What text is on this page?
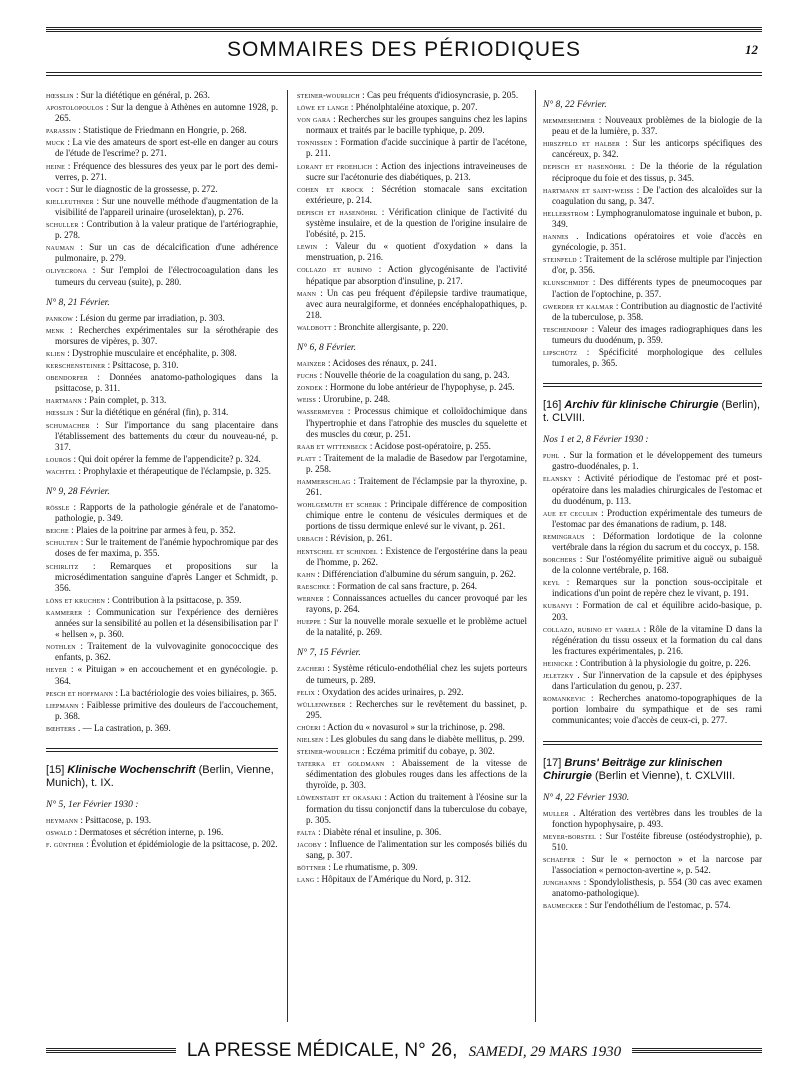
SOMMAIRES DES PÉRIODIQUES	12
hœsslin : Sur la diététique en général, p. 263.
apostolopoulos : Sur la dengue à Athènes en automne 1928, p. 265.
parassin : Statistique de Friedmann en Hongrie, p. 268.
muck : La vie des amateurs de sport est-elle en danger au cours de l'étude de l'escrime? p. 271.
heine : Fréquence des blessures des yeux par le port des demi-verres, p. 271.
vogt : Sur le diagnostic de la grossesse, p. 272.
kielleuthner : Sur une nouvelle méthode d'augmentation de la visibilité de l'appareil urinaire (uroselektan), p. 276.
schuller : Contribution à la valeur pratique de l'artériographie, p. 278.
nauman : Sur un cas de décalcification d'une adhérence pulmonaire, p. 279.
olivecrona : Sur l'emploi de l'électrocoagulation dans les tumeurs du cerveau (suite), p. 280.
N° 8, 21 Février.
pankow : Lésion du germe par irradiation, p. 303.
menk : Recherches expérimentales sur la sérothérapie des morsures de vipères, p. 307.
klien : Dystrophie musculaire et encéphalite, p. 308.
kerschensteiner : Psittacose, p. 310.
obendorfer : Données anatomo-pathologiques dans la psittacose, p. 311.
hartmann : Pain complet, p. 313.
hœsslin : Sur la diététique en général (fin), p. 314.
schumacher : Sur l'importance du sang placentaire dans l'établissement des battements du cœur du nouveau-né, p. 317.
louros : Qui doit opérer la femme de l'appendicite? p. 324.
wachtel : Prophylaxie et thérapeutique de l'éclampsie, p. 325.
N° 9, 28 Février.
rössle : Rapports de la pathologie générale et de l'anatomo-pathologie, p. 349.
beiche : Plaies de la poitrine par armes à feu, p. 352.
schulten : Sur le traitement de l'anémie hypochromique par des doses de fer maxima, p. 355.
schirlitz : Remarques et propositions sur la microsédimentation sanguine d'après Langer et Schmidt, p. 356.
löns et kruchen : Contribution à la psittacose, p. 359.
kammerer : Communication sur l'expérience des dernières années sur la sensibilité au pollen et la désensibilisation par l' « hellsen », p. 360.
nothlen : Traitement de la vulvovaginite gonococcique des enfants, p. 362.
heyer : « Pituigan » en accouchement et en gynécologie. p. 364.
pesch et hoffmann : La bactériologie des voies biliaires, p. 365.
liepmann : Faiblesse primitive des douleurs de l'accouchement, p. 368.
bœhters . — La castration, p. 369.
[15] Klinische Wochenschrift (Berlin, Vienne, Munich), t. IX.
N° 5, 1er Février 1930 :
heymann : Psittacose, p. 193.
oswald : Dermatoses et sécrétion interne, p. 196.
f. günther : Évolution et épidémiologie de la psittacose, p. 202.
steiner-wourlich : Cas peu fréquents d'idiosyncrasie, p. 205.
löwe et lange : Phénolphtaléine atoxique, p. 207.
von gara : Recherches sur les groupes sanguins chez les lapins normaux et traités par le bacille typhique, p. 209.
tonnissen : Formation d'acide succinique à partir de l'acétone, p. 211.
lorant et froehlich : Action des injections intraveineuses de sucre sur l'acétonurie des diabétiques, p. 213.
cohen et krock : Sécrétion stomacale sans excitation extérieure, p. 214.
depisch et hasenöhrl : Vérification clinique de l'activité du système insulaire, et de la question de l'origine insulaire de l'obésité, p. 215.
lewin : Valeur du « quotient d'oxydation » dans la menstruation, p. 216.
collazo et rubino : Action glycogénisante de l'activité hépatique par absorption d'insuline, p. 217.
mann : Un cas peu fréquent d'épilepsie tardive traumatique, avec aura neuralgiforme, et données encéphalopathiques, p. 218.
waldbott : Bronchite allergisante, p. 220.
N° 6, 8 Février.
mainzer : Acidoses des rénaux, p. 241.
fuchs : Nouvelle théorie de la coagulation du sang, p. 243.
zondek : Hormone du lobe antérieur de l'hypophyse, p. 245.
weiss : Urorubine, p. 248.
wassermeyer : Processus chimique et colloïdochimique dans l'hypertrophie et dans l'atrophie des muscles du squelette et des muscles du cœur, p. 251.
raab et wittenbeck : Acidose post-opératoire, p. 255.
platt : Traitement de la maladie de Basedow par l'ergotamine, p. 258.
hammerschlag : Traitement de l'éclampsie par la thyroxine, p. 261.
wohlgemuth et scherk : Principale différence de composition chimique entre le contenu de vésicules dermiques et de portions de tissu dermique enlevé sur le vivant, p. 261.
urbach : Révision, p. 261.
hentschel et schindel : Existence de l'ergostérine dans la peau de l'homme, p. 262.
kahn : Différenciation d'albumine du sérum sanguin, p. 262.
raeschke : Formation de cal sans fracture, p. 264.
werner : Connaissances actuelles du cancer provoqué par les rayons, p. 264.
hueppe : Sur la nouvelle morale sexuelle et le problème actuel de la natalité, p. 269.
N° 7, 15 Février.
zacheri : Système réticulo-endothélial chez les sujets porteurs de tumeurs, p. 289.
felix : Oxydation des acides urinaires, p. 292.
wüllenweber : Recherches sur le revêtement du bassinet, p. 295.
chüeri : Action du « novasurol » sur la trichinose, p. 298.
nielsen : Les globules du sang dans le diabète mellitus, p. 299.
steiner-wourlich : Eczéma primitif du cobaye, p. 302.
taterka et goldmann : Abaissement de la vitesse de sédimentation des globules rouges dans les affections de la thyroïde, p. 303.
löwenstadt et okasaki : Action du traitement à l'éosine sur la formation du tissu conjonctif dans la tuberculose du cobaye, p. 305.
falta : Diabète rénal et insuline, p. 306.
jacoby : Influence de l'alimentation sur les composés biliés du sang, p. 307.
böttner : Le rhumatisme, p. 309.
lang : Hôpitaux de l'Amérique du Nord, p. 312.
N° 8, 22 Février.
memmesheimer : Nouveaux problèmes de la biologie de la peau et de la lumière, p. 337.
hirszfeld et halber : Sur les anticorps spécifiques des cancéreux, p. 342.
depisch et hasenöhrl : De la théorie de la régulation réciproque du foie et des tissus, p. 345.
hartmann et saint-weiss : De l'action des alcaloïdes sur la coagulation du sang, p. 347.
hellerstrom : Lymphogranulomatose inguinale et bubon, p. 349.
hannes . Indications opératoires et voie d'accès en gynécologie, p. 351.
steinfeld : Traitement de la sclérose multiple par l'injection d'or, p. 356.
klunschmidt : Des différents types de pneumocoques par l'action de l'optochine, p. 357.
gwerder et kalmar : Contribution au diagnostic de l'activité de la tuberculose, p. 358.
teschendorf : Valeur des images radiographiques dans les tumeurs du duodénum, p. 359.
lipschütz : Spécificité morphologique des cellules tumorales, p. 365.
[16] Archiv für klinische Chirurgie (Berlin), t. CLVIII.
Nos 1 et 2, 8 Février 1930 :
puhl . Sur la formation et le développement des tumeurs gastro-duodénales, p. 1.
elansky : Activité périodique de l'estomac pré et post-opératoire dans les maladies chirurgicales de l'estomac et du duodénum, p. 113.
aue et ceculin : Production expérimentale des tumeurs de l'estomac par des émanations de radium, p. 148.
remingraus : Déformation lordotique de la colonne vertébrale dans la région du sacrum et du coccyx, p. 158.
borchers : Sur l'ostéomyélite primitive aiguë ou subaiguë de la colonne vertébrale, p. 168.
keyl : Remarques sur la ponction sous-occipitale et indications d'un point de repère chez le vivant, p. 191.
kubanyi : Formation de cal et équilibre acido-basique, p. 203.
collazo, rubino et varela : Rôle de la vitamine D dans la régénération du tissu osseux et la formation du cal dans les fractures expérimentales, p. 216.
heinicke : Contribution à la physiologie du goitre, p. 226.
jeletzky . Sur l'innervation de la capsule et des épiphyses dans l'articulation du genou, p. 237.
romankevic : Recherches anatomo-topographiques de la portion lombaire du sympathique et de ses rami communicantes; voie d'accès de ceux-ci, p. 277.
[17] Bruns' Beiträge zur klinischen Chirurgie (Berlin et Vienne), t. CXLVIII.
N° 4, 22 Février 1930.
muller . Altération des vertèbres dans les troubles de la fonction hypophysaire, p. 493.
meyer-borstel : Sur l'ostéite fibreuse (ostéodystrophie), p. 510.
schaefer : Sur le « pernocton » et la narcose par l'association « pernocton-avertine », p. 542.
junghanns : Spondylolisthesis, p. 554 (30 cas avec examen anatomo-pathologique).
baumecker : Sur l'endothélium de l'estomac, p. 574.
LA PRESSE MÉDICALE, N° 26, SAMEDI, 29 MARS 1930
